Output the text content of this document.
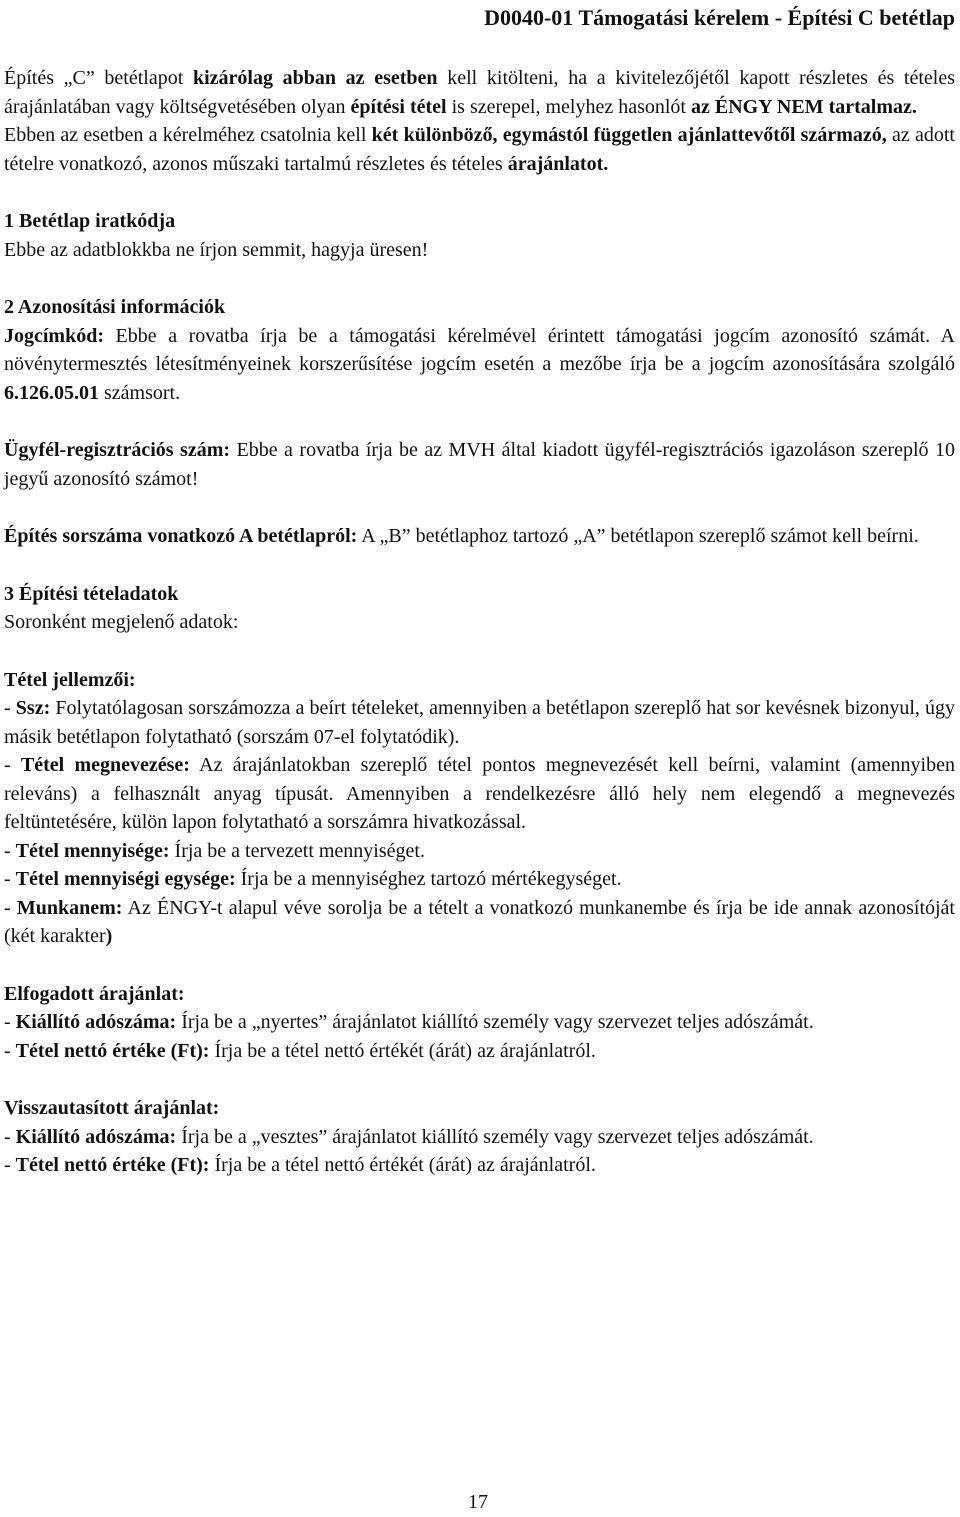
D0040-01 Támogatási kérelem - Építési C betétlap

Építés „C” betétlapot kizárólag abban az esetben kell kitölteni, ha a kivitelezőjétől kapott részletes és tételes árajánlatában vagy költségvetésében olyan építési tétel is szerepel, melyhez hasonlót az ÉNGY NEM tartalmaz.

Ebben az esetben a kérelméhez csatolnia kell két különböző, egymástól független ajánlattevőtől származó, az adott tételre vonatkozó, azonos műszaki tartalmú részletes és tételes árajánlatot.

1 Betétlap iratkódja

Ebbe az adatblokkba ne írjon semmit, hagyja üresen!

2 Azonosítási információk

Jogcímkód: Ebbe a rovatba írja be a támogatási kérelmével érintett támogatási jogcím azonosító számát. A növénytermesztés létesítményeinek korszerűsítése jogcím esetén a mezőbe írja be a jogcím azonosítására szolgáló 6.126.05.01 számsort.

Ügyfél-regisztrációs szám: Ebbe a rovatba írja be az MVH által kiadott ügyfél-regisztrációs igazoláson szereplő 10 jegyű azonosító számot!

Építés sorszáma vonatkozó A betétlapról: A „B” betétlaphoz tartozó „A” betétlapon szereplő számot kell beírni.

3 Építési tételadatok

Soronként megjelenő adatok:

Tétel jellemzői:

- Ssz: Folytatólagosan sorszámozza a beírt tételeket, amennyiben a betétlapon szereplő hat sor kevésnek bizonyul, úgy másik betétlapon folytatható (sorszám 07-el folytatódik).

- Tétel megnevezése: Az árajánlatokban szereplő tétel pontos megnevezését kell beírni, valamint (amennyiben releváns) a felhasznált anyag típusát. Amennyiben a rendelkezésre álló hely nem elegendő a megnevezés feltüntetésére, külön lapon folytatható a sorszámra hivatkozással.

- Tétel mennyisége: Írja be a tervezett mennyiséget.

- Tétel mennyiségi egysége: Írja be a mennyiséghez tartozó mértékegységet.

- Munkanem: Az ÉNGY-t alapul véve sorolja be a tételt a vonatkozó munkanembe és írja be ide annak azonosítóját (két karakter)

Elfogadott árajánlat:

- Kiállító adószáma: Írja be a „nyertes” árajánlatot kiállító személy vagy szervezet teljes adószámát.

- Tétel nettó értéke (Ft): Írja be a tétel nettó értékét (árát) az árajánlatról.

Visszautasított árajánlat:

- Kiállító adószáma: Írja be a „vesztes” árajánlatot kiállító személy vagy szervezet teljes adószámát.

- Tétel nettó értéke (Ft): Írja be a tétel nettó értékét (árát) az árajánlatról.

17
